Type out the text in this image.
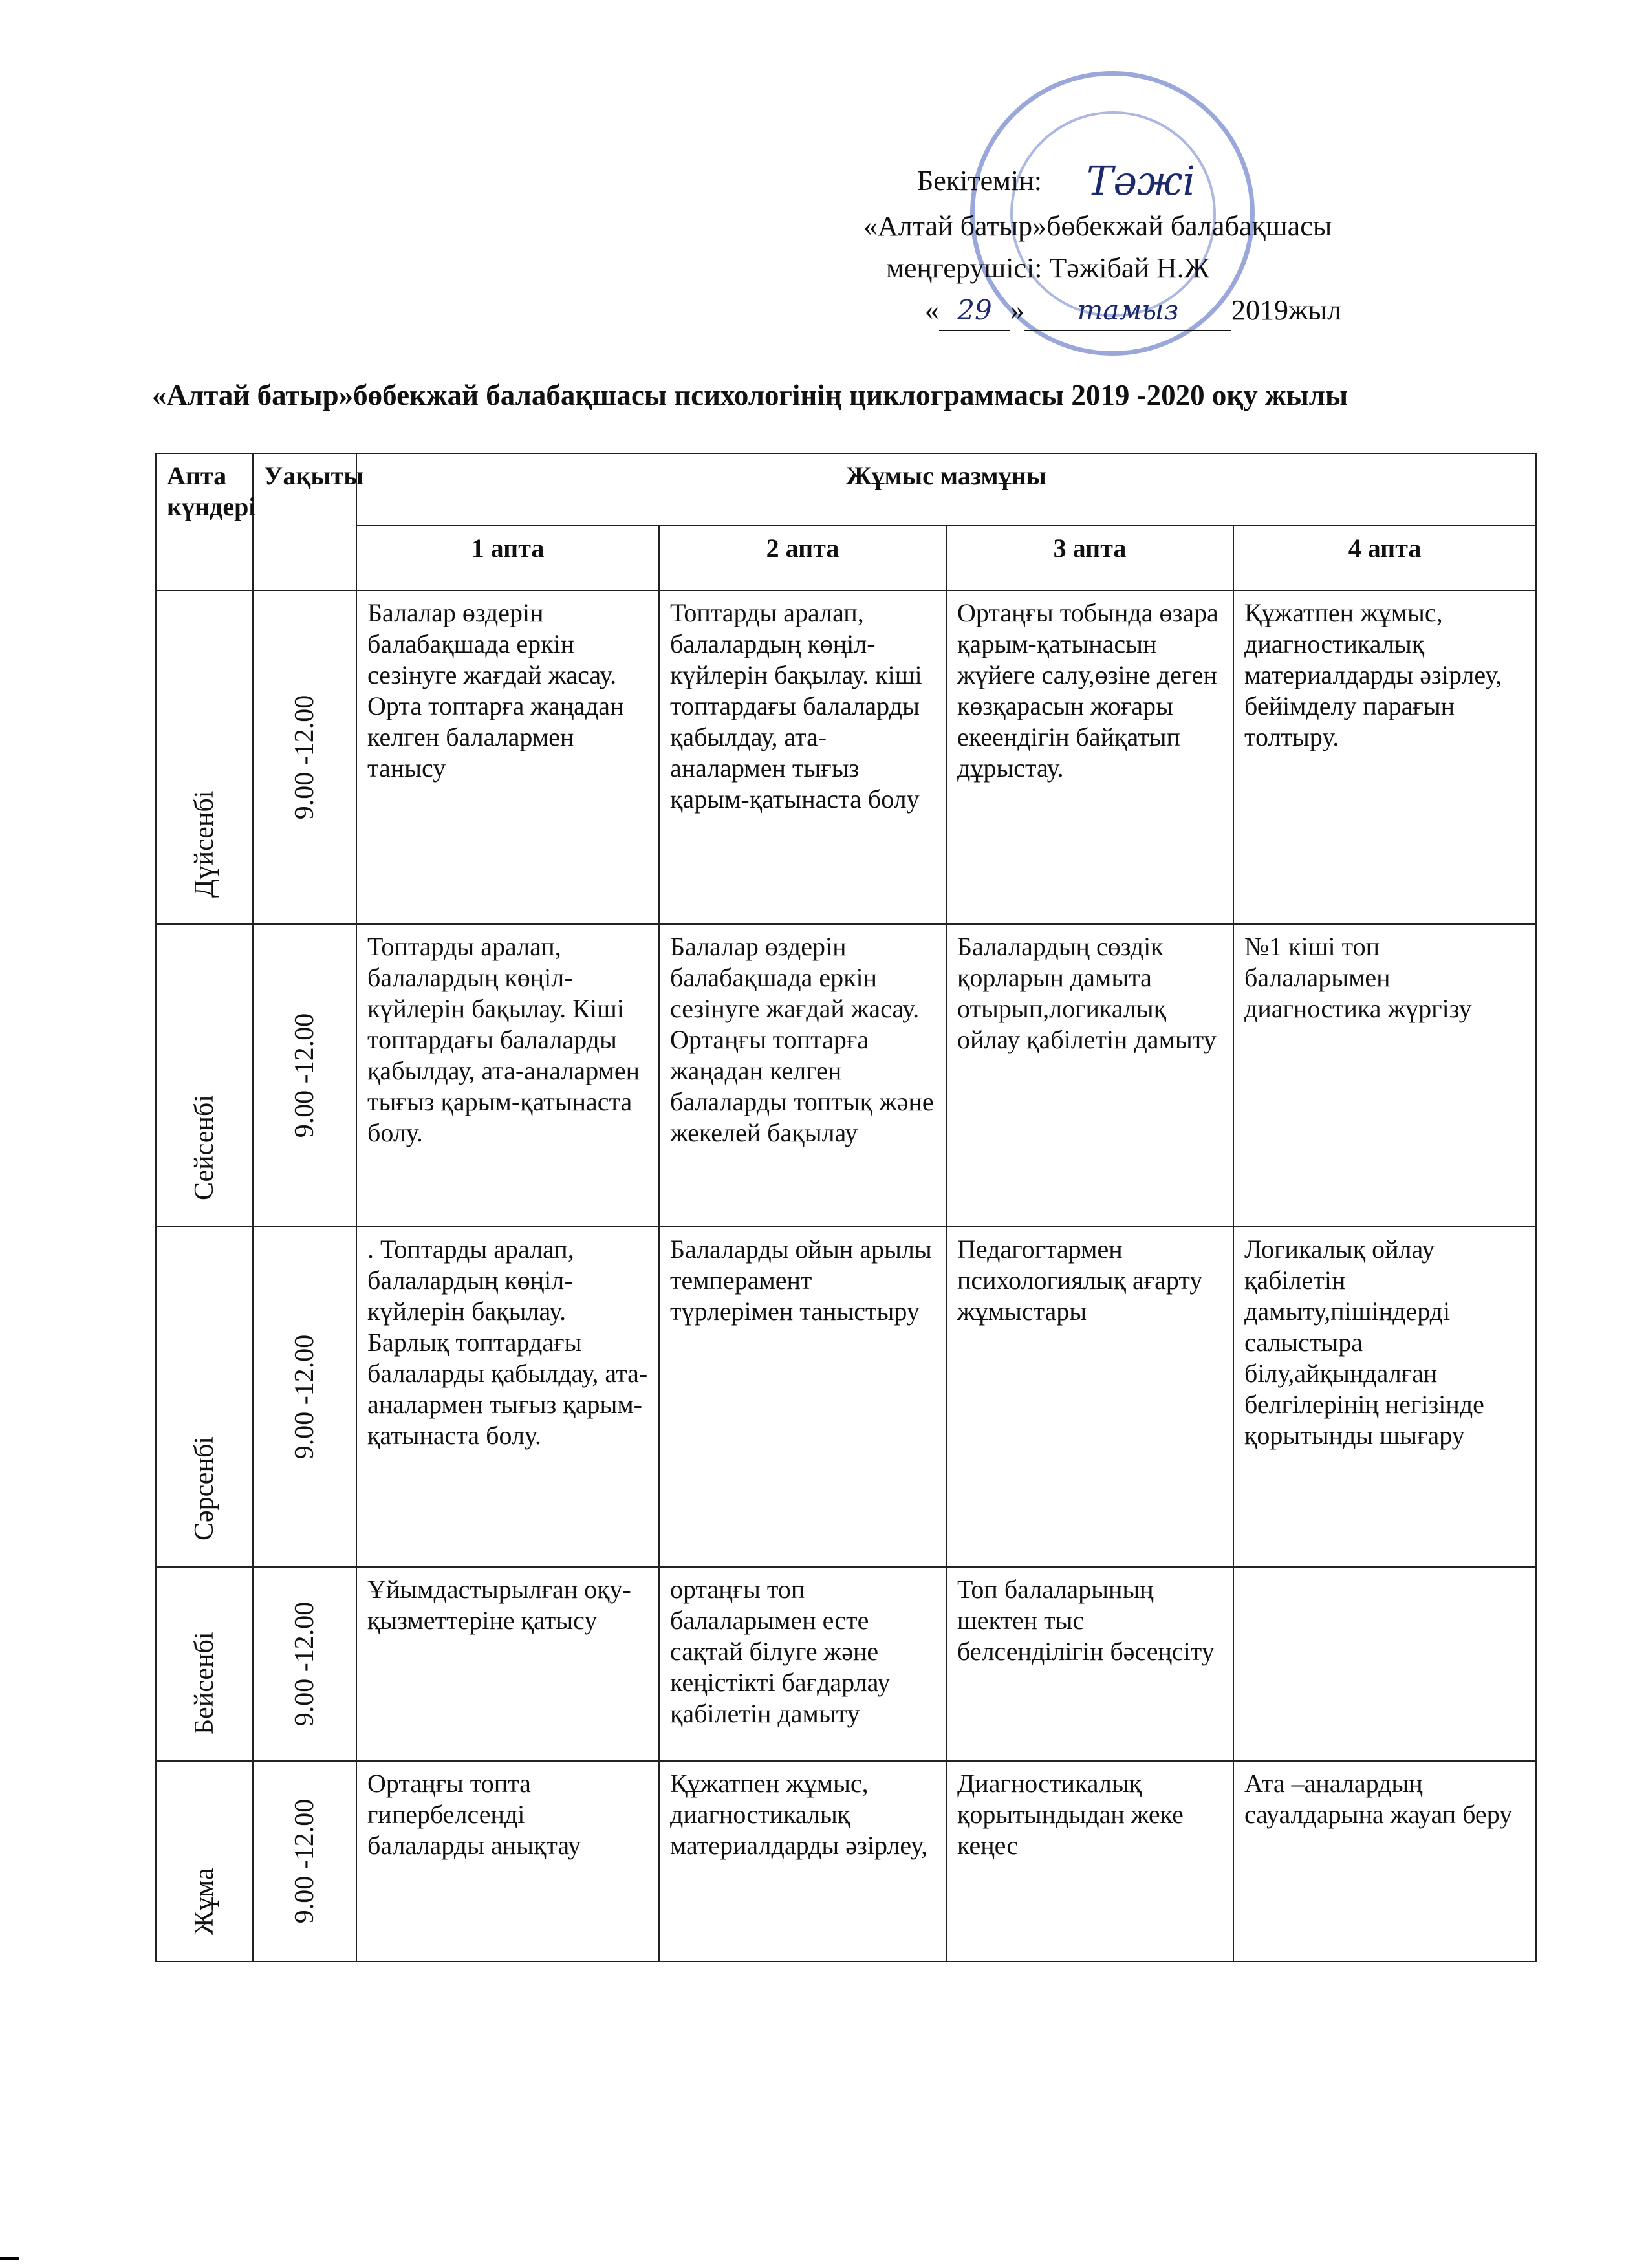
Бекітемін: Тәжі
«Алтай батыр»бөбекжай балабақшасы
меңгерушісі: Тәжібай Н.Ж
« 29 » тамыз 2019жыл
«Алтай батыр»бөбекжай балабақшасы психологінің циклограммасы 2019 -2020 оқу жылы
Апта күндері	Уақыты	Жұмыс мазмұны			
		1 апта	2 апта	3 апта	4 апта

Дүйсенбі	9.00 -12.00	Балалар өздерін балабақшада еркін сезінуге жағдай жасау. Орта топтарға жаңадан келген балалармен танысу	Топтарды аралап, балалардың көңіл-күйлерін бақылау. кіші топтардағы балаларды қабылдау, ата-аналармен тығыз қарым-қатынаста болу	Ортаңғы тобында өзара қарым-қатынасын жүйеге салу,өзіне деген көзқарасын жоғары екеендігін байқатып дұрыстау.	Құжатпен жұмыс, диагностикалық материалдарды әзірлеу, бейімделу парағын толтыру.

Сейсенбі	9.00 -12.00	Топтарды аралап, балалардың көңіл-күйлерін бақылау. Кіші топтардағы балаларды қабылдау, ата-аналармен тығыз қарым-қатынаста болу.	Балалар өздерін балабақшада еркін сезінуге жағдай жасау. Ортаңғы топтарға жаңадан келген балаларды топтық және жекелей бақылау	Балалардың сөздік қорларын дамыта отырып,логикалық ойлау қабілетін дамыту	№1 кіші топ балаларымен диагностика жүргізу

Сәрсенбі	9.00 -12.00	. Топтарды аралап, балалардың көңіл-күйлерін бақылау. Барлық топтардағы балаларды қабылдау, ата-аналармен тығыз қарым-қатынаста болу.	Балаларды ойын арылы темперамент түрлерімен таныстыру	Педагогтармен психологиялық ағарту жұмыстары	Логикалық ойлау қабілетін дамыту,пішіндерді салыстыра білу,айқындалған белгілерінің негізінде қорытынды шығару

Бейсенбі	9.00 -12.00	Ұйымдастырылған оқу- қызметтеріне қатысу	ортаңғы топ балаларымен есте сақтай білуге және кеңістікті бағдарлау қабілетін дамыту	Топ балаларының шектен тыс белсенділігін бәсеңсіту	

Жұма	9.00 -12.00	Ортаңғы топта гипербелсенді балаларды анықтау	Құжатпен жұмыс, диагностикалық материалдарды әзірлеу,	Диагностикалық қорытындыдан жеке кеңес	Ата –аналардың сауалдарына жауап беру
